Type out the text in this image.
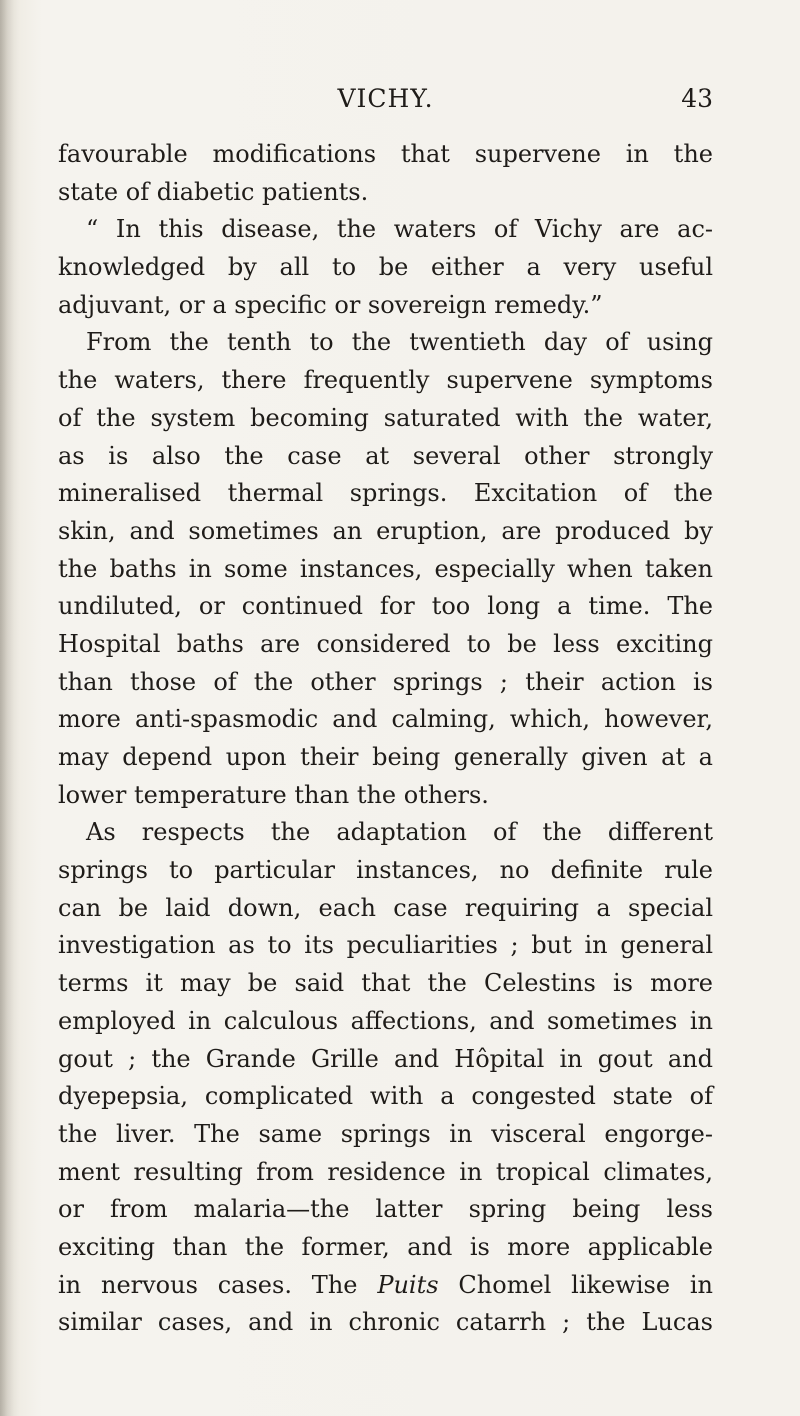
VICHY.	43
favourable modifications that supervene in the
state of diabetic patients.
“ In this disease, the waters of Vichy are ac-
knowledged by all to be either a very useful
adjuvant, or a specific or sovereign remedy.”
From the tenth to the twentieth day of using
the waters, there frequently supervene symptoms
of the system becoming saturated with the water,
as is also the case at several other strongly
mineralised thermal springs. Excitation of the
skin, and sometimes an eruption, are produced by
the baths in some instances, especially when taken
undiluted, or continued for too long a time. The
Hospital baths are considered to be less exciting
than those of the other springs ; their action is
more anti-spasmodic and calming, which, however,
may depend upon their being generally given at a
lower temperature than the others.
As respects the adaptation of the different
springs to particular instances, no definite rule
can be laid down, each case requiring a special
investigation as to its peculiarities ; but in general
terms it may be said that the Celestins is more
employed in calculous affections, and sometimes in
gout ; the Grande Grille and Hôpital in gout and
dyepepsia, complicated with a congested state of
the liver. The same springs in visceral engorge-
ment resulting from residence in tropical climates,
or from malaria—the latter spring being less
exciting than the former, and is more applicable
in nervous cases. The Puits Chomel likewise in
similar cases, and in chronic catarrh ; the Lucas
